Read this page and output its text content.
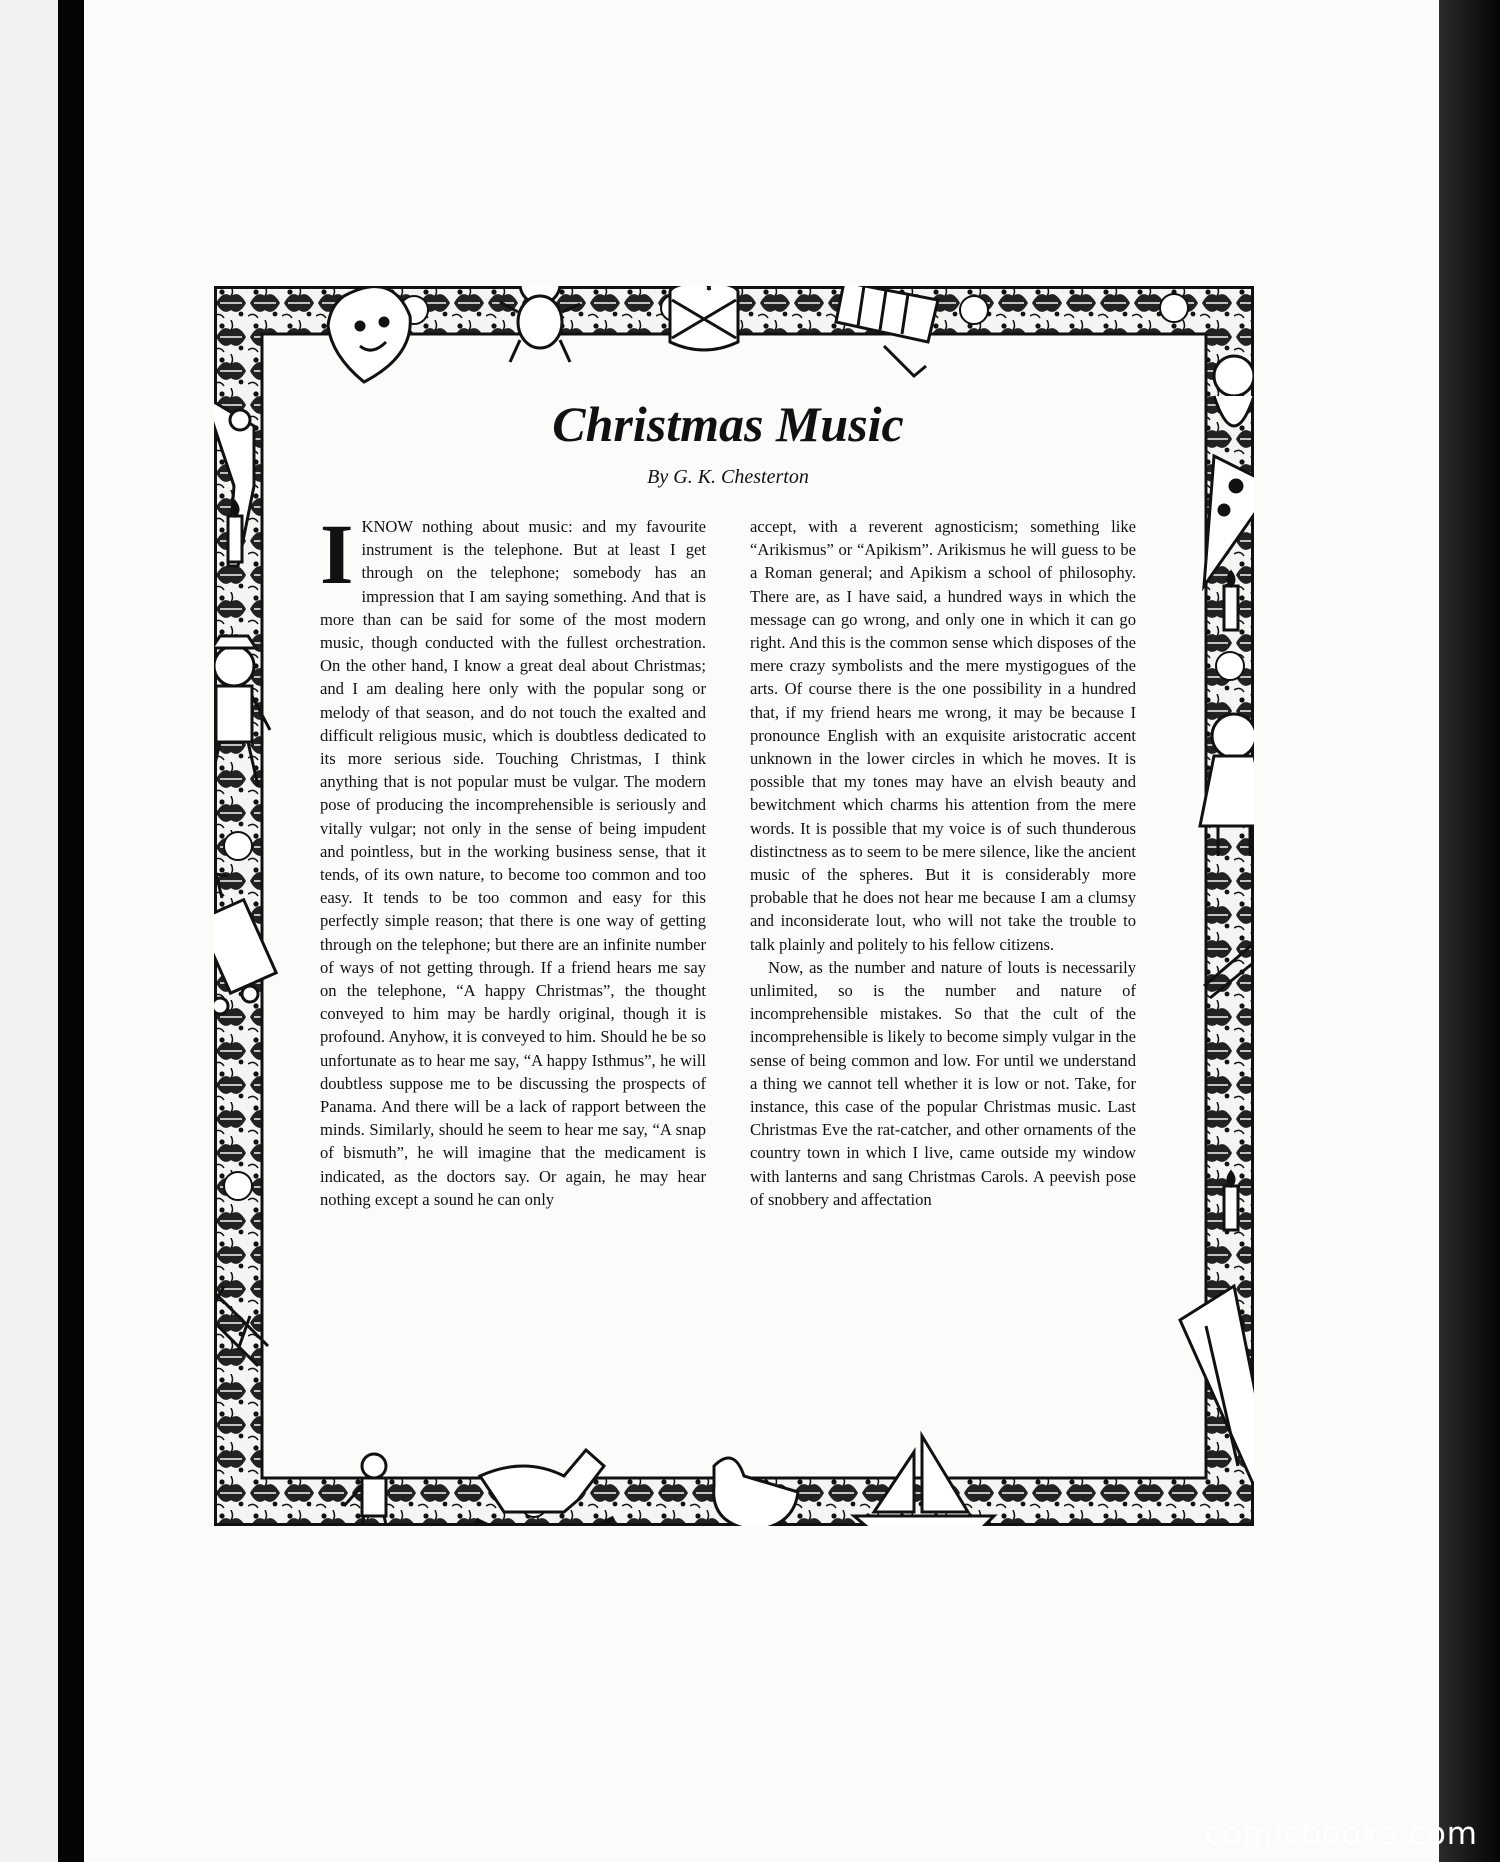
Christmas Music
By G. K. Chesterton
I KNOW nothing about music: and my favourite instrument is the telephone. But at least I get through on the telephone; somebody has an impression that I am saying something. And that is more than can be said for some of the most modern music, though conducted with the fullest orchestration. On the other hand, I know a great deal about Christmas; and I am dealing here only with the popular song or melody of that season, and do not touch the exalted and difficult religious music, which is doubtless dedicated to its more serious side. Touching Christmas, I think anything that is not popular must be vulgar. The modern pose of producing the incomprehensible is seriously and vitally vulgar; not only in the sense of being impudent and pointless, but in the working business sense, that it tends, of its own nature, to become too common and too easy. It tends to be too common and easy for this perfectly simple reason; that there is one way of getting through on the telephone; but there are an infinite number of ways of not getting through. If a friend hears me say on the telephone, “A happy Christmas”, the thought conveyed to him may be hardly original, though it is profound. Anyhow, it is conveyed to him. Should he be so unfortunate as to hear me say, “A happy Isthmus”, he will doubtless suppose me to be discussing the prospects of Panama. And there will be a lack of rapport between the minds. Similarly, should he seem to hear me say, “A snap of bismuth”, he will imagine that the medicament is indicated, as the doctors say. Or again, he may hear nothing except a sound he can only

accept, with a reverent agnosticism; something like “Arikismus” or “Apikism”. Arikismus he will guess to be a Roman general; and Apikism a school of philosophy. There are, as I have said, a hundred ways in which the message can go wrong, and only one in which it can go right. And this is the common sense which disposes of the mere crazy symbolists and the mere mystigogues of the arts. Of course there is the one possibility in a hundred that, if my friend hears me wrong, it may be because I pronounce English with an exquisite aristocratic accent unknown in the lower circles in which he moves. It is possible that my tones may have an elvish beauty and bewitchment which charms his attention from the mere words. It is possible that my voice is of such thunderous distinctness as to seem to be mere silence, like the ancient music of the spheres. But it is considerably more probable that he does not hear me because I am a clumsy and inconsiderate lout, who will not take the trouble to talk plainly and politely to his fellow citizens.

Now, as the number and nature of louts is necessarily unlimited, so is the number and nature of incomprehensible mistakes. So that the cult of the incomprehensible is likely to become simply vulgar in the sense of being common and low. For until we understand a thing we cannot tell whether it is low or not. Take, for instance, this case of the popular Christmas music. Last Christmas Eve the rat-catcher, and other ornaments of the country town in which I live, came outside my window with lanterns and sang Christmas Carols. A peevish pose of snobbery and affectation

comicbooks.com
